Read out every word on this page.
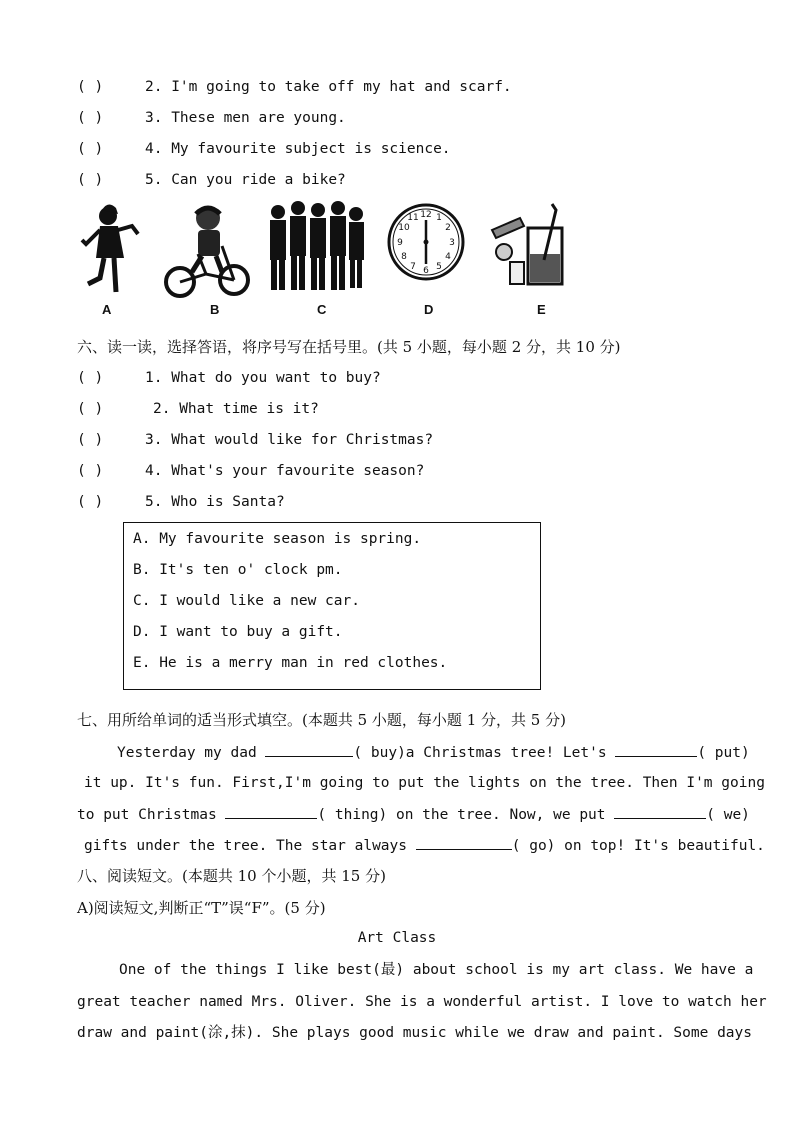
( )	2. I'm going to take off my hat and scarf.
( )	3. These men are young.
( )	4. My favourite subject is science.
( )	5. Can you ride a bike?
12 1
2
3
4
5
6
7
8
9
10
11
A	B	C	D	E
六、读一读，选择答语，将序号写在括号里。(共 5 小题，每小题 2 分，共 10 分)
( )	1. What do you want to buy?
( )	2. What time is it?
( )	3. What would like for Christmas?
( )	4. What's your favourite season?
( )	5. Who is Santa?
A. My favourite season is spring.
B. It's ten o' clock pm.
C. I would like a new car.
D. I want to buy a gift.
E. He is a merry man in red clothes.
七、用所给单词的适当形式填空。(本题共 5 小题，每小题 1 分，共 5 分)
Yesterday my dad	( buy)a Christmas tree! Let's	( put)
it up. It's fun. First,I'm going to put the lights on the tree. Then I'm going
to put Christmas	( thing) on the tree. Now, we put	( we)
gifts under the tree. The star always	( go) on top! It's beautiful.
八、阅读短文。(本题共 10 个小题，共 15 分)
A)阅读短文,判断正“T”误“F”。(5 分)
Art Class
One of the things I like best(最) about school is my art class. We have a
great teacher named Mrs. Oliver. She is a wonderful artist. I love to watch her
draw and paint(涂,抹). She plays good music while we draw and paint. Some days
